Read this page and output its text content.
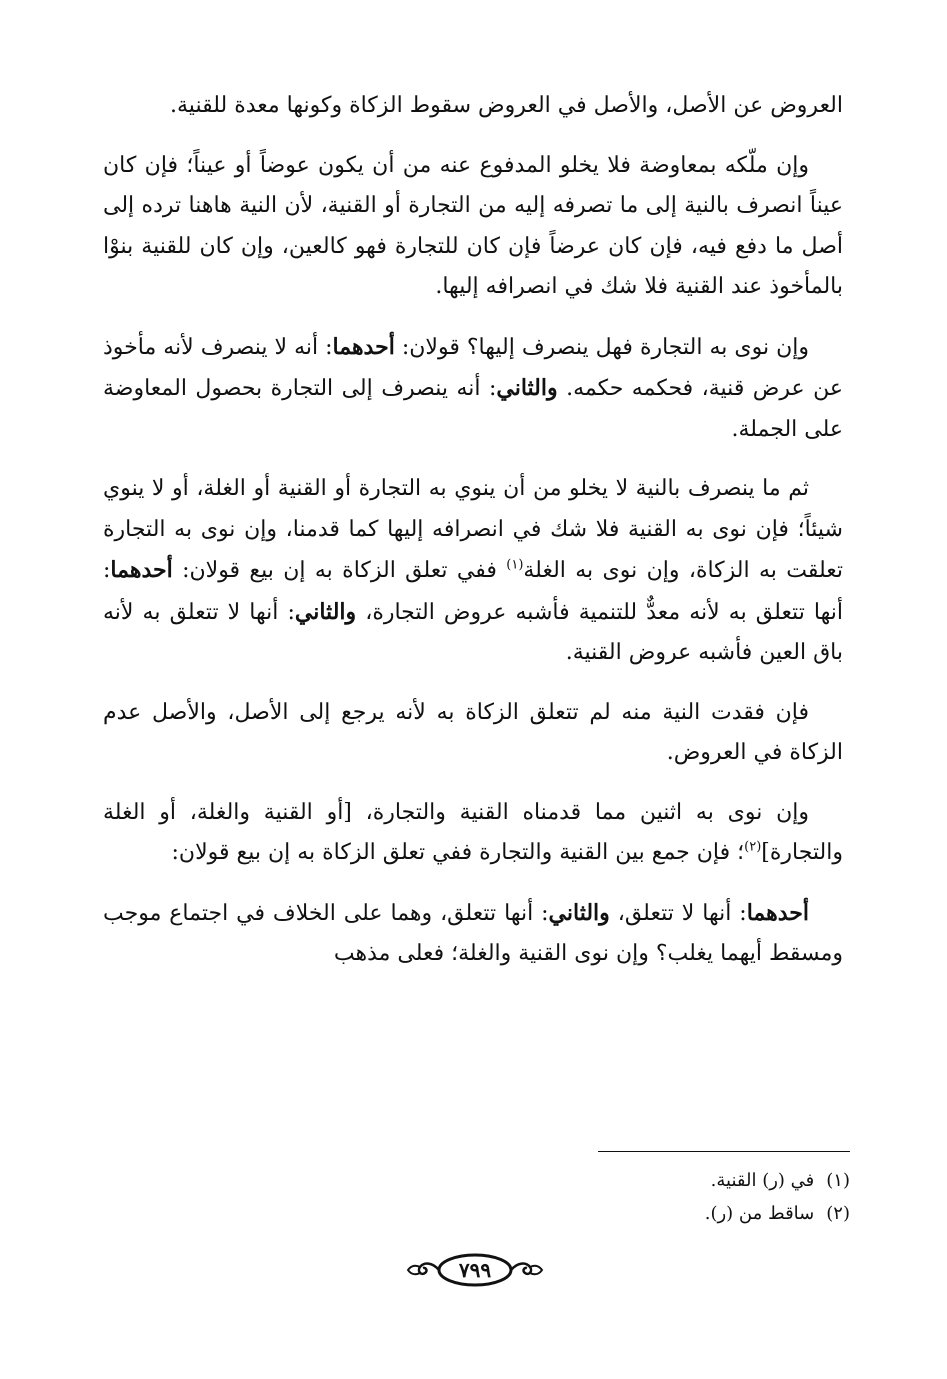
العروض عن الأصل، والأصل في العروض سقوط الزكاة وكونها معدة للقنية.

وإن ملّكه بمعاوضة فلا يخلو المدفوع عنه من أن يكون عوضاً أو عيناً؛ فإن كان عيناً انصرف بالنية إلى ما تصرفه إليه من التجارة أو القنية، لأن النية هاهنا ترده إلى أصل ما دفع فيه، فإن كان عرضاً فإن كان للتجارة فهو كالعين، وإن كان للقنية بنوْا بالمأخوذ عند القنية فلا شك في انصرافه إليها.

وإن نوى به التجارة فهل ينصرف إليها؟ قولان: أحدهما: أنه لا ينصرف لأنه مأخوذ عن عرض قنية، فحكمه حكمه. والثاني: أنه ينصرف إلى التجارة بحصول المعاوضة على الجملة.

ثم ما ينصرف بالنية لا يخلو من أن ينوي به التجارة أو القنية أو الغلة، أو لا ينوي شيئاً؛ فإن نوى به القنية فلا شك في انصرافه إليها كما قدمنا، وإن نوى به التجارة تعلقت به الزكاة، وإن نوى به الغلة$^{(١)}$ ففي تعلق الزكاة به إن بيع قولان: أحدهما: أنها تتعلق به لأنه معدٌّ للتنمية فأشبه عروض التجارة، والثاني: أنها لا تتعلق به لأنه باق العين فأشبه عروض القنية.

فإن فقدت النية منه لم تتعلق الزكاة به لأنه يرجع إلى الأصل، والأصل عدم الزكاة في العروض.

وإن نوى به اثنين مما قدمناه القنية والتجارة، [أو القنية والغلة، أو الغلة والتجارة]$^{(٢)}$؛ فإن جمع بين القنية والتجارة ففي تعلق الزكاة به إن بيع قولان:

أحدهما: أنها لا تتعلق، والثاني: أنها تتعلق، وهما على الخلاف في اجتماع موجب ومسقط أيهما يغلب؟ وإن نوى القنية والغلة؛ فعلى مذهب

(١)في (ر) القنية.
(٢)ساقط من (ر).
٧٩٩
